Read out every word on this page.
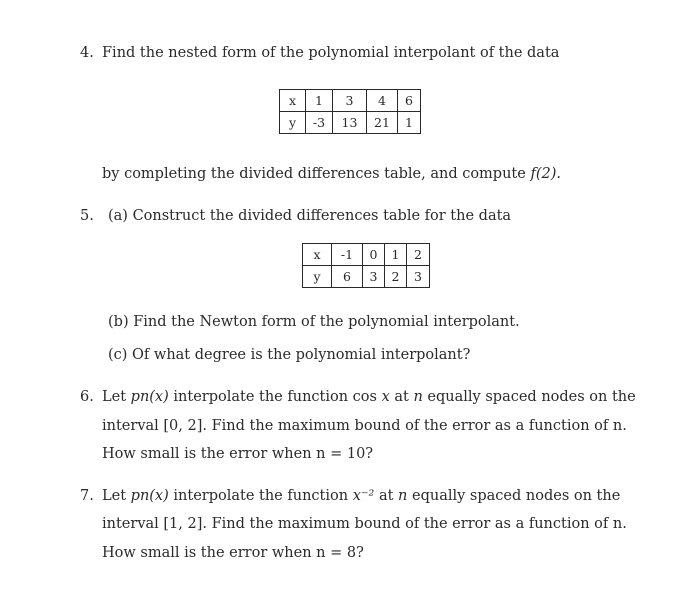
4. Find the nested form of the polynomial interpolant of the data
x	1	3	4	6
y	-3	13	21	1
by completing the divided differences table, and compute f(2).
5. (a) Construct the divided differences table for the data
x	-1	0	1	2
y	6	3	2	3
(b) Find the Newton form of the polynomial interpolant.
(c) Of what degree is the polynomial interpolant?
6. Let pn(x) interpolate the function cos x at n equally spaced nodes on the
interval [0, 2]. Find the maximum bound of the error as a function of n.
How small is the error when n = 10?
7. Let pn(x) interpolate the function x⁻² at n equally spaced nodes on the
interval [1, 2]. Find the maximum bound of the error as a function of n.
How small is the error when n = 8?
